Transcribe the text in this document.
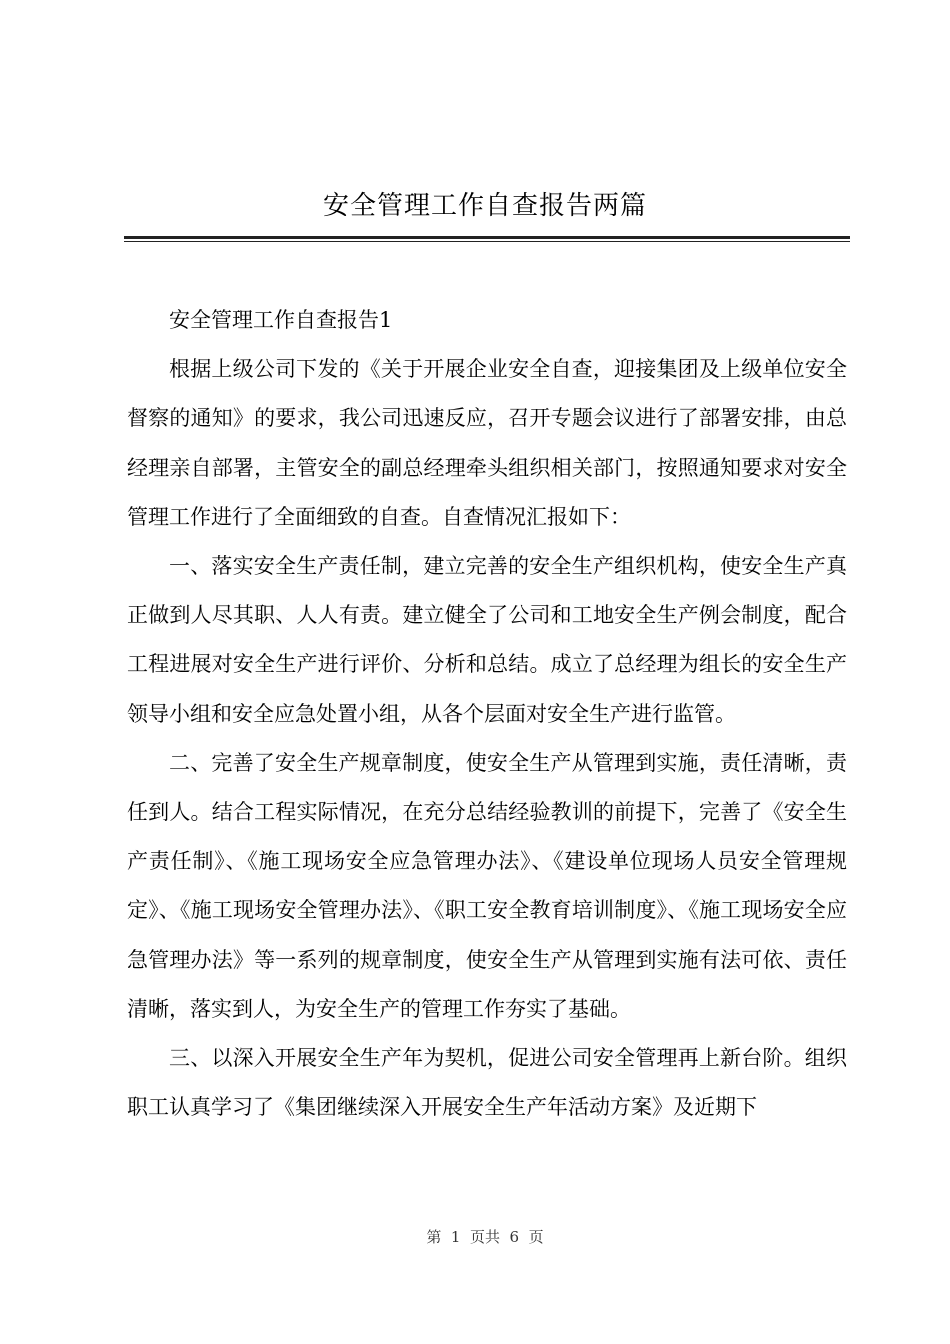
安全管理工作自查报告两篇

安全管理工作自查报告1

根据上级公司下发的《关于开展企业安全自查，迎接集团及上级单位安全督察的通知》的要求，我公司迅速反应，召开专题会议进行了部署安排，由总经理亲自部署，主管安全的副总经理牵头组织相关部门，按照通知要求对安全管理工作进行了全面细致的自查。自查情况汇报如下：

一、落实安全生产责任制，建立完善的安全生产组织机构，使安全生产真正做到人尽其职、人人有责。建立健全了公司和工地安全生产例会制度，配合工程进展对安全生产进行评价、分析和总结。成立了总经理为组长的安全生产领导小组和安全应急处置小组，从各个层面对安全生产进行监管。

二、完善了安全生产规章制度，使安全生产从管理到实施，责任清晰，责任到人。结合工程实际情况，在充分总结经验教训的前提下，完善了《安全生产责任制》、《施工现场安全应急管理办法》、《建设单位现场人员安全管理规定》、《施工现场安全管理办法》、《职工安全教育培训制度》、《施工现场安全应急管理办法》等一系列的规章制度，使安全生产从管理到实施有法可依、责任清晰，落实到人，为安全生产的管理工作夯实了基础。

三、以深入开展安全生产年为契机，促进公司安全管理再上新台阶。组织职工认真学习了《集团继续深入开展安全生产年活动方案》及近期下

第  1  页共  6  页
